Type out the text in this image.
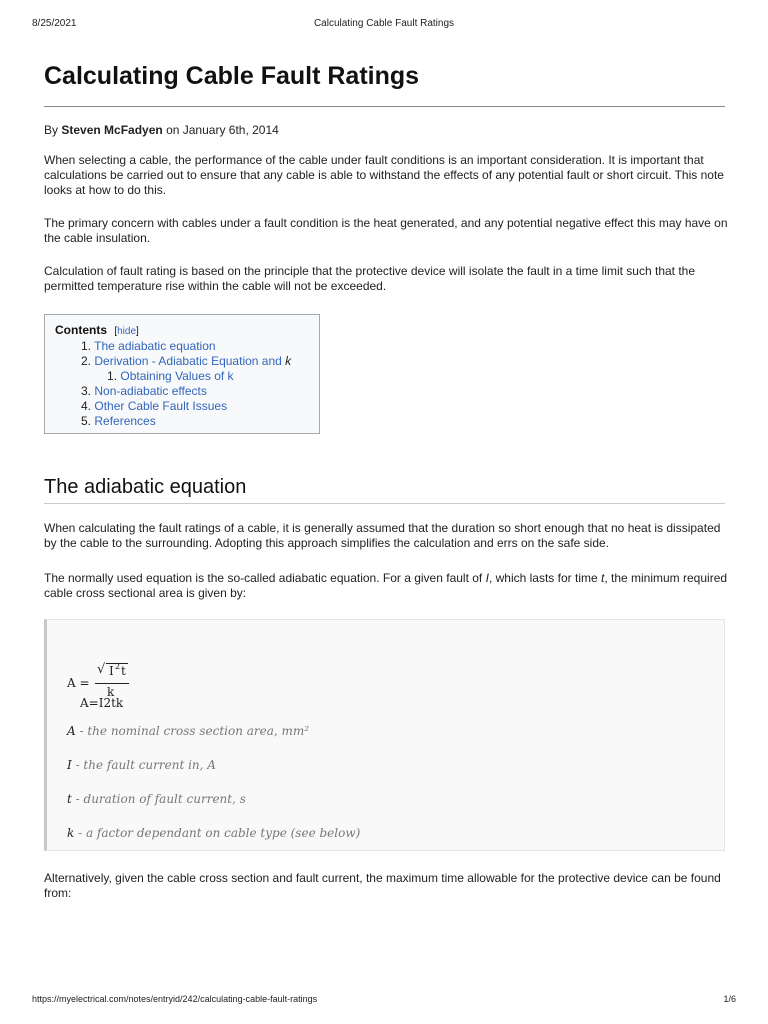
8/25/2021	Calculating Cable Fault Ratings
Calculating Cable Fault Ratings

By Steven McFadyen on January 6th, 2014

When selecting a cable, the performance of the cable under fault conditions is an important consideration. It is important that calculations be carried out to ensure that any cable is able to withstand the effects of any potential fault or short circuit. This note looks at how to do this.

The primary concern with cables under a fault condition is the heat generated, and any potential negative effect this may have on the cable insulation.

Calculation of fault rating is based on the principle that the protective device will isolate the fault in a time limit such that the permitted temperature rise within the cable will not be exceeded.

Contents [hide]
1. The adiabatic equation
2. Derivation - Adiabatic Equation and k
1. Obtaining Values of k
3. Non-adiabatic effects
4. Other Cable Fault Issues
5. References
The adiabatic equation

When calculating the fault ratings of a cable, it is generally assumed that the duration so short enough that no heat is dissipated by the cable to the surrounding. Adopting this approach simplifies the calculation and errs on the safe side.

The normally used equation is the so-called adiabatic equation. For a given fault of I, which lasts for time t, the minimum required cable cross sectional area is given by:

A =
√ I 2 t
k
A=I2tk
A - the nominal cross section area, mm²
I - the fault current in, A
t - duration of fault current, s
k - a factor dependant on cable type (see below)

Alternatively, given the cable cross section and fault current, the maximum time allowable for the protective device can be found from:

https://myelectrical.com/notes/entryid/242/calculating-cable-fault-ratings	1/6
